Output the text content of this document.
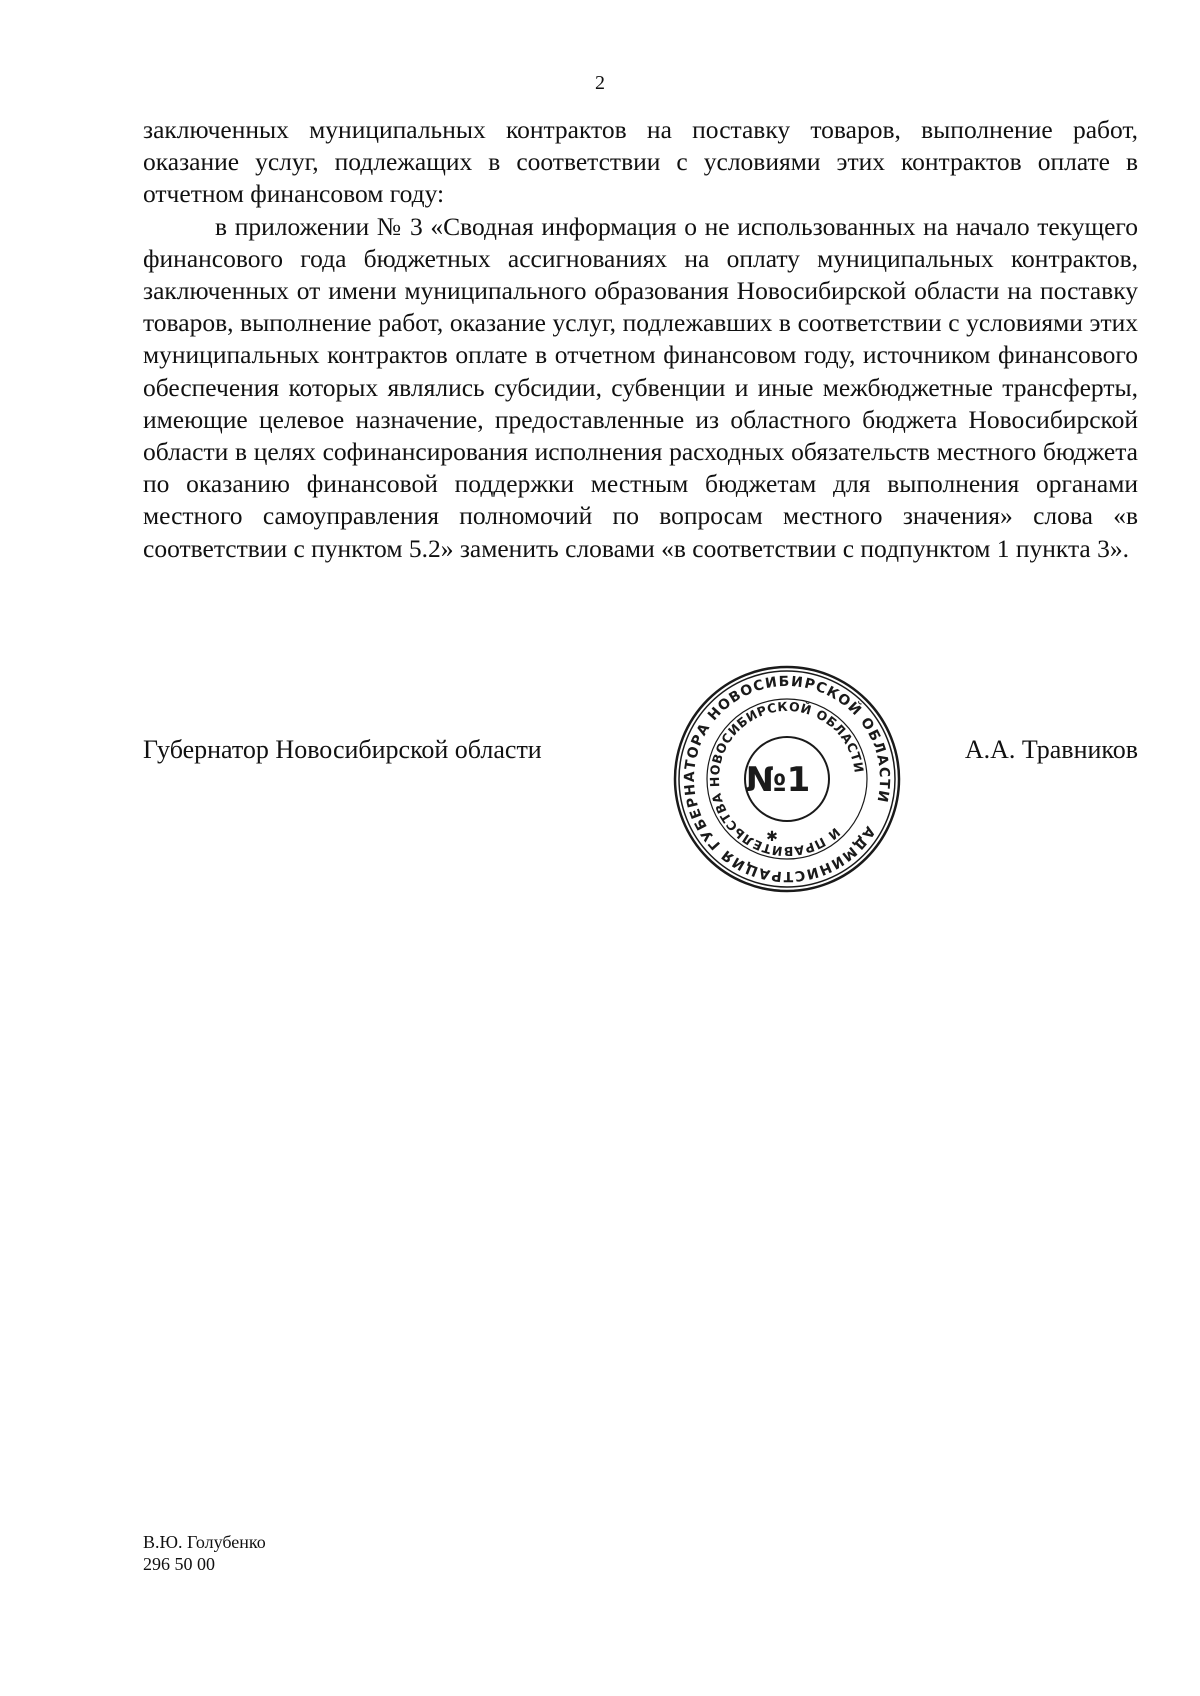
2

заключенных муниципальных контрактов на поставку товаров, выполнение работ, оказание услуг, подлежащих в соответствии с условиями этих контрактов оплате в отчетном финансовом году:

в приложении № 3 «Сводная информация о не использованных на начало текущего финансового года бюджетных ассигнованиях на оплату муниципальных контрактов, заключенных от имени муниципального образования Новосибирской области на поставку товаров, выполнение работ, оказание услуг, подлежавших в соответствии с условиями этих муниципальных контрактов оплате в отчетном финансовом году, источником финансового обеспечения которых являлись субсидии, субвенции и иные межбюджетные трансферты, имеющие целевое назначение, предоставленные из областного бюджета Новосибирской области в целях софинансирования исполнения расходных обязательств местного бюджета по оказанию финансовой поддержки местным бюджетам для выполнения органами местного самоуправления полномочий по вопросам местного значения» слова «в соответствии с пунктом 5.2» заменить словами «в соответствии с подпунктом 1 пункта 3».

Губернатор Новосибирской области	А.А. Травников
АДМИНИСТРАЦИЯ ГУБЕРНАТОРА НОВОСИБИРСКОЙ ОБЛАСТИ
И ПРАВИТЕЛЬСТВА НОВОСИБИРСКОЙ ОБЛАСТИ
№1
✱
В.Ю. Голубенко
296 50 00
